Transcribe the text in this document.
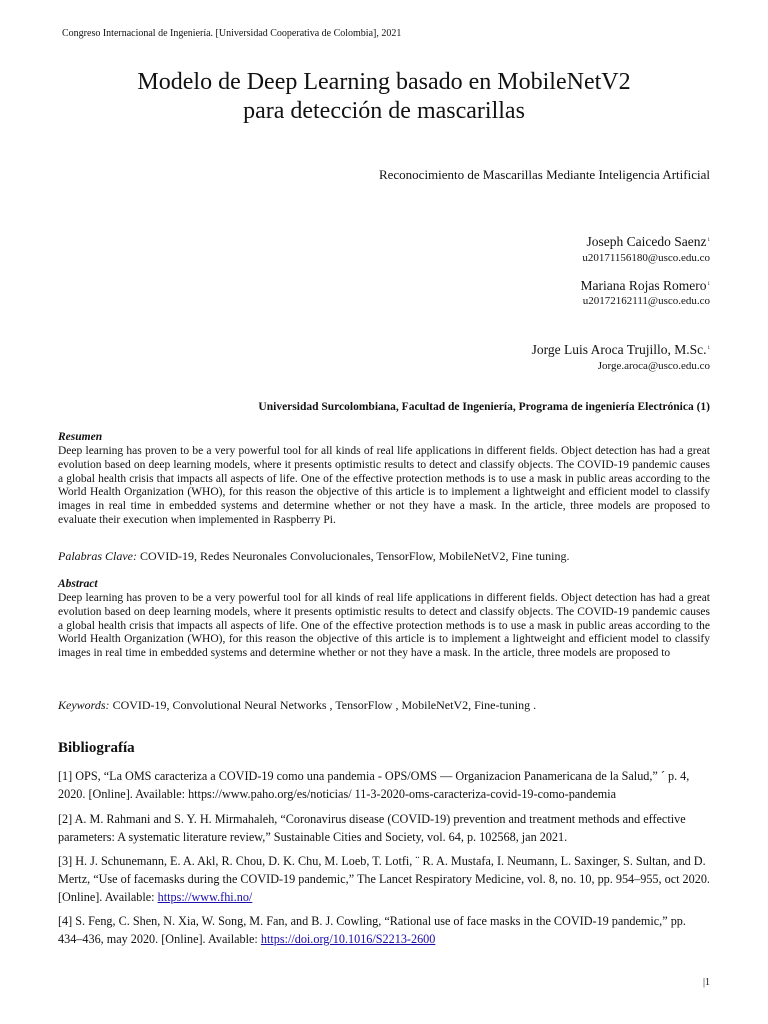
Congreso Internacional de Ingeniería. [Universidad Cooperativa de Colombia], 2021
Modelo de Deep Learning basado en MobileNetV2
para detección de mascarillas
Reconocimiento de Mascarillas Mediante Inteligencia Artificial
Joseph Caicedo Saenz$^1$
u20171156180@usco.edu.co
Mariana Rojas Romero$^1$
u20172162111@usco.edu.co
Jorge Luis Aroca Trujillo, M.Sc.$^1$
Jorge.aroca@usco.edu.co
Universidad Surcolombiana, Facultad de Ingeniería, Programa de ingeniería Electrónica (1)
Resumen
Deep learning has proven to be a very powerful tool for all kinds of real life applications in different fields. Object detection has had a great evolution based on deep learning models, where it presents optimistic results to detect and classify objects. The COVID-19 pandemic causes a global health crisis that impacts all aspects of life. One of the effective protection methods is to use a mask in public areas according to the World Health Organization (WHO), for this reason the objective of this article is to implement a lightweight and efficient model to classify images in real time in embedded systems and determine whether or not they have a mask. In the article, three models are proposed to evaluate their execution when implemented in Raspberry Pi.
Palabras Clave: COVID-19, Redes Neuronales Convolucionales, TensorFlow, MobileNetV2, Fine tuning.
Abstract
Deep learning has proven to be a very powerful tool for all kinds of real life applications in different fields. Object detection has had a great evolution based on deep learning models, where it presents optimistic results to detect and classify objects. The COVID-19 pandemic causes a global health crisis that impacts all aspects of life. One of the effective protection methods is to use a mask in public areas according to the World Health Organization (WHO), for this reason the objective of this article is to implement a lightweight and efficient model to classify images in real time in embedded systems and determine whether or not they have a mask. In the article, three models are proposed to
Keywords: COVID-19, Convolutional Neural Networks , TensorFlow , MobileNetV2, Fine-tuning .
Bibliografía
[1] OPS, “La OMS caracteriza a COVID-19 como una pandemia - OPS/OMS — Organizacion Panamericana de la Salud,” ´ p. 4, 2020. [Online]. Available: https://www.paho.org/es/noticias/ 11-3-2020-oms-caracteriza-covid-19-como-pandemia
[2] A. M. Rahmani and S. Y. H. Mirmahaleh, “Coronavirus disease (COVID-19) prevention and treatment methods and effective parameters: A systematic literature review,” Sustainable Cities and Society, vol. 64, p. 102568, jan 2021.
[3] H. J. Schunemann, E. A. Akl, R. Chou, D. K. Chu, M. Loeb, T. Lotfi, ¨ R. A. Mustafa, I. Neumann, L. Saxinger, S. Sultan, and D. Mertz, “Use of facemasks during the COVID-19 pandemic,” The Lancet Respiratory Medicine, vol. 8, no. 10, pp. 954–955, oct 2020. [Online]. Available: https://www.fhi.no/
[4] S. Feng, C. Shen, N. Xia, W. Song, M. Fan, and B. J. Cowling, “Rational use of face masks in the COVID-19 pandemic,” pp. 434–436, may 2020. [Online]. Available: https://doi.org/10.1016/S2213-2600
|1
